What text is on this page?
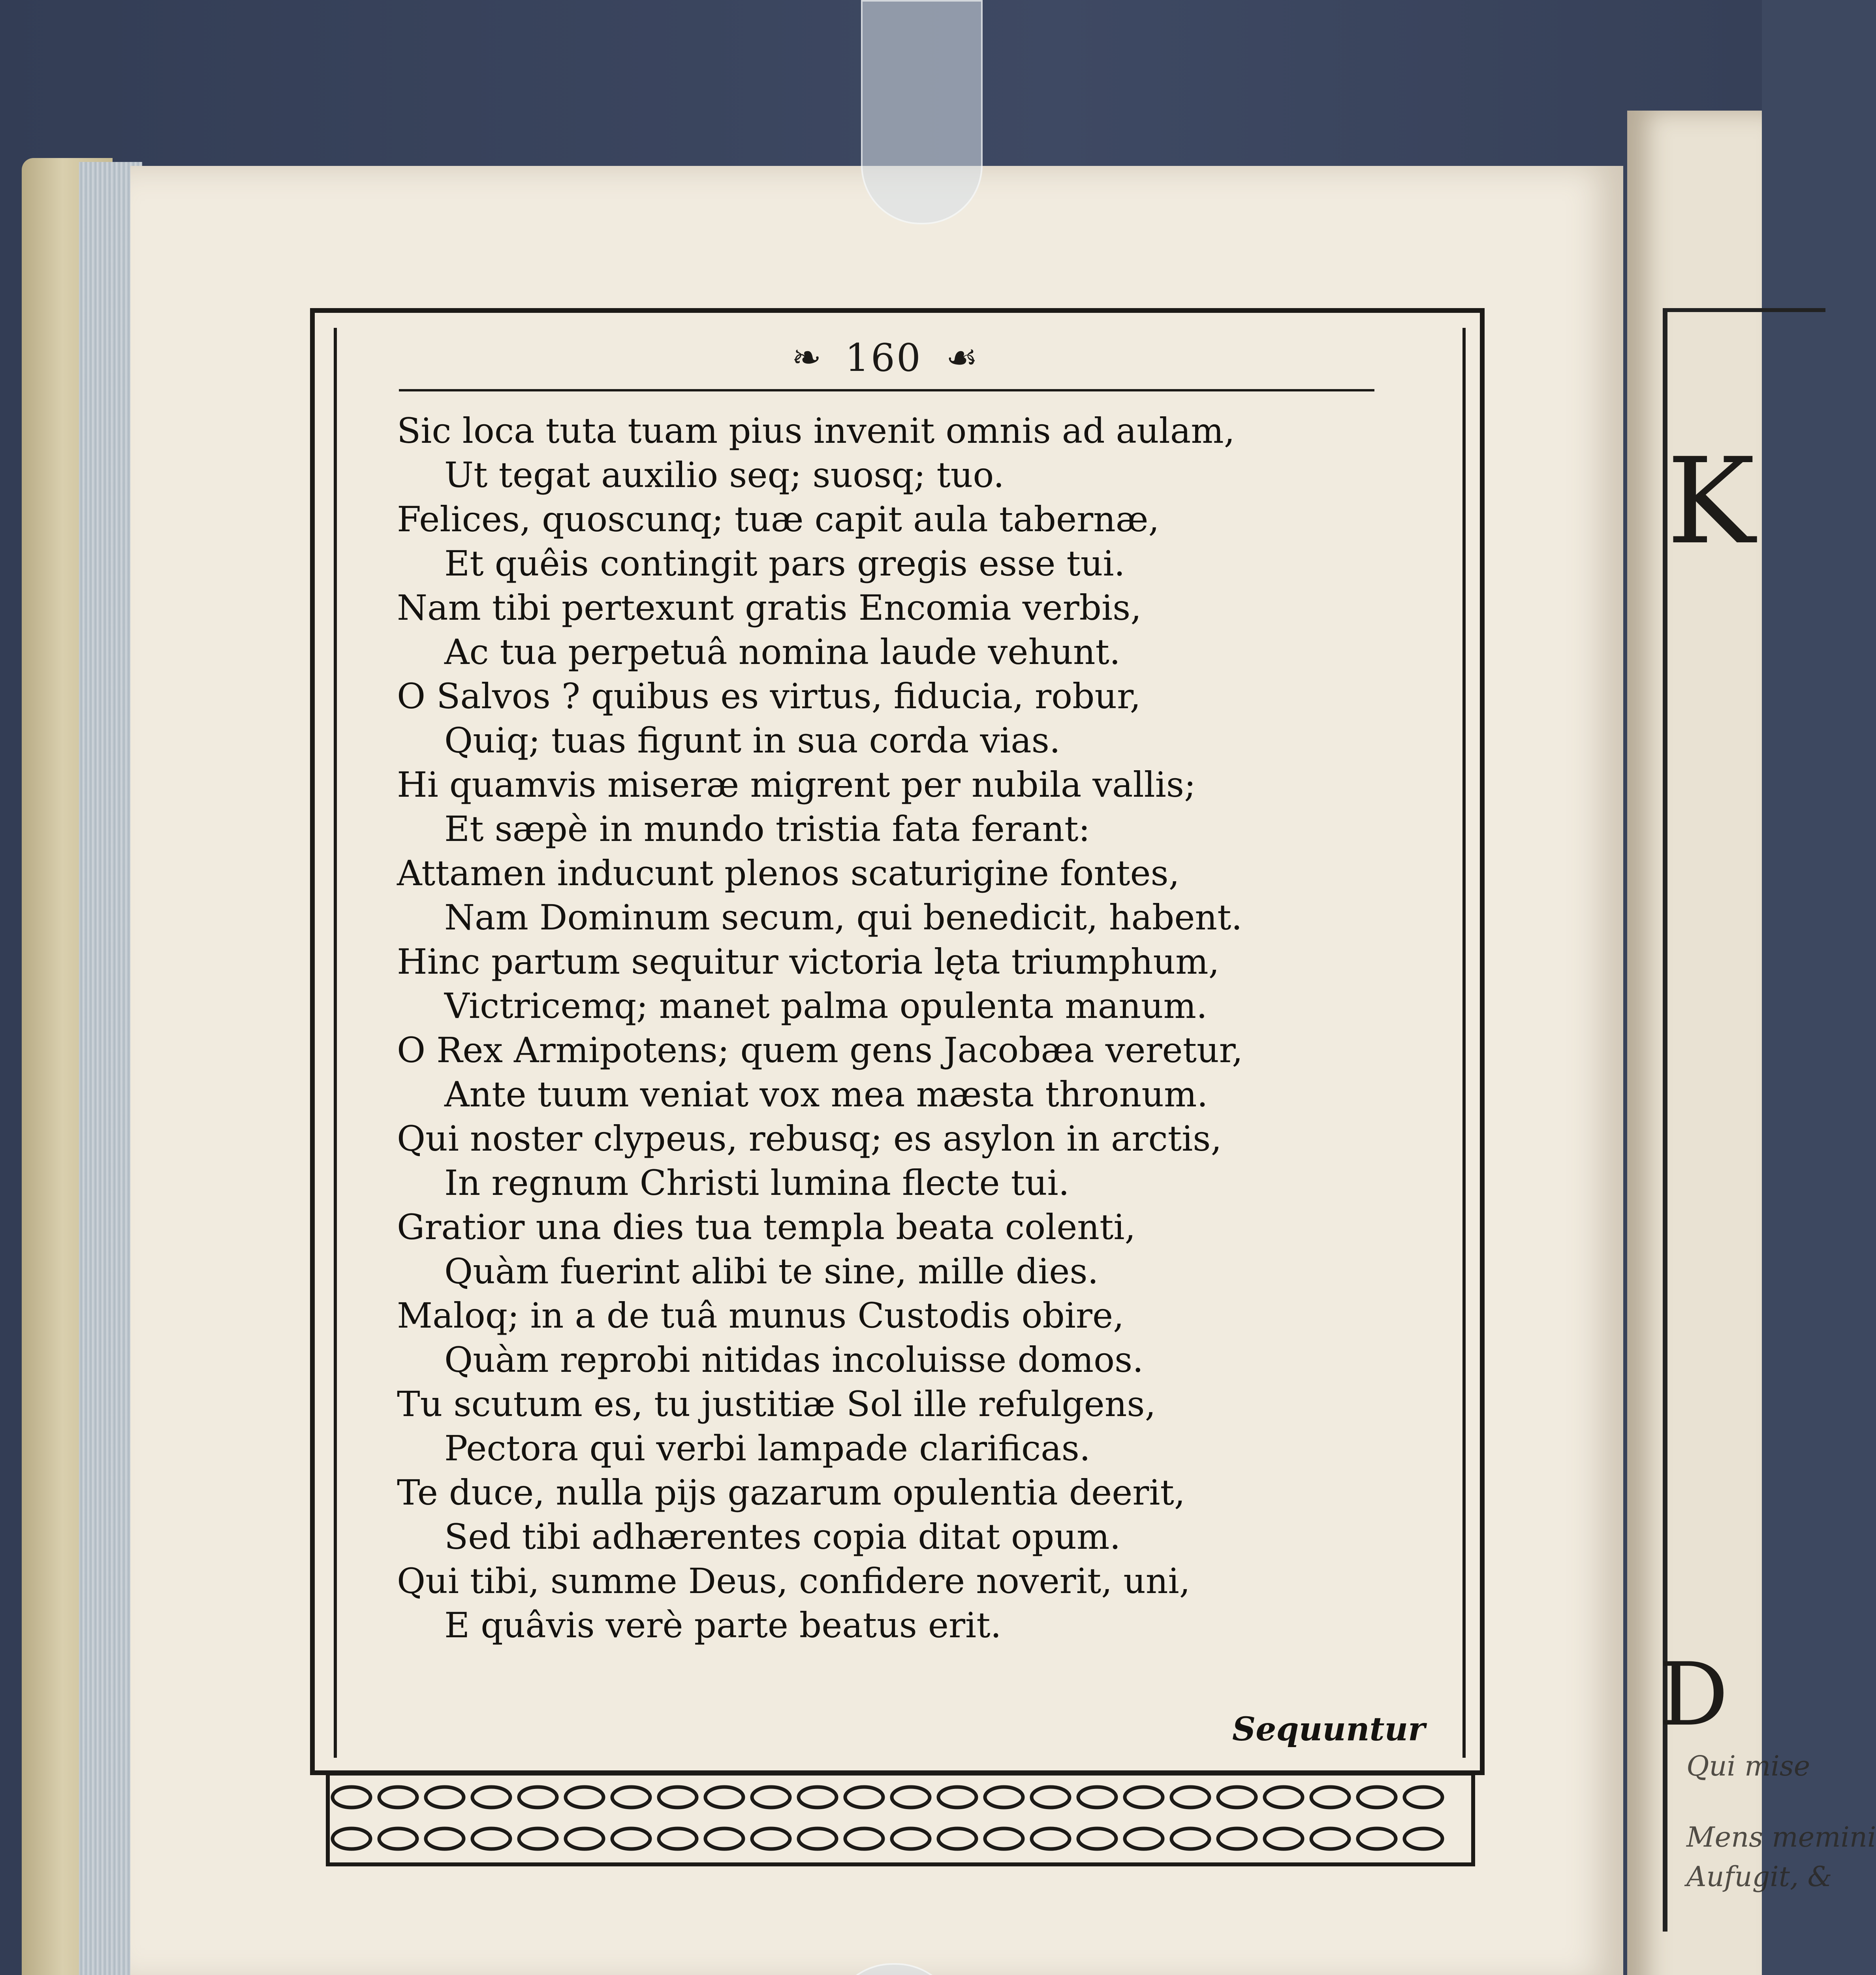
K
D
Qui mise
Mens memini
Aufugit, &
❧ 160 ☙
Sic loca tuta tuam pius invenit omnis ad aulam,
Ut tegat auxilio seq; suosq; tuo.
Felices, quoscunq; tuæ capit aula tabernæ,
Et quêis contingit pars gregis esse tui.
Nam tibi pertexunt gratis Encomia verbis,
Ac tua perpetuâ nomina laude vehunt.
O Salvos ? quibus es virtus, fiducia, robur,
Quiq; tuas figunt in sua corda vias.
Hi quamvis miseræ migrent per nubila vallis;
Et sæpè in mundo tristia fata ferant:
Attamen inducunt plenos scaturigine fontes,
Nam Dominum secum, qui benedicit, habent.
Hinc partum sequitur victoria lęta triumphum,
Victricemq; manet palma opulenta manum.
O Rex Armipotens; quem gens Jacobæa veretur,
Ante tuum veniat vox mea mæsta thronum.
Qui noster clypeus, rebusq; es asylon in arctis,
In regnum Christi lumina flecte tui.
Gratior una dies tua templa beata colenti,
Quàm fuerint alibi te sine, mille dies.
Maloq; in a de tuâ munus Custodis obire,
Quàm reprobi nitidas incoluisse domos.
Tu scutum es, tu justitiæ Sol ille refulgens,
Pectora qui verbi lampade clarificas.
Te duce, nulla pijs gazarum opulentia deerit,
Sed tibi adhærentes copia ditat opum.
Qui tibi, summe Deus, confidere noverit, uni,
E quâvis verè parte beatus erit.
Sequuntur
